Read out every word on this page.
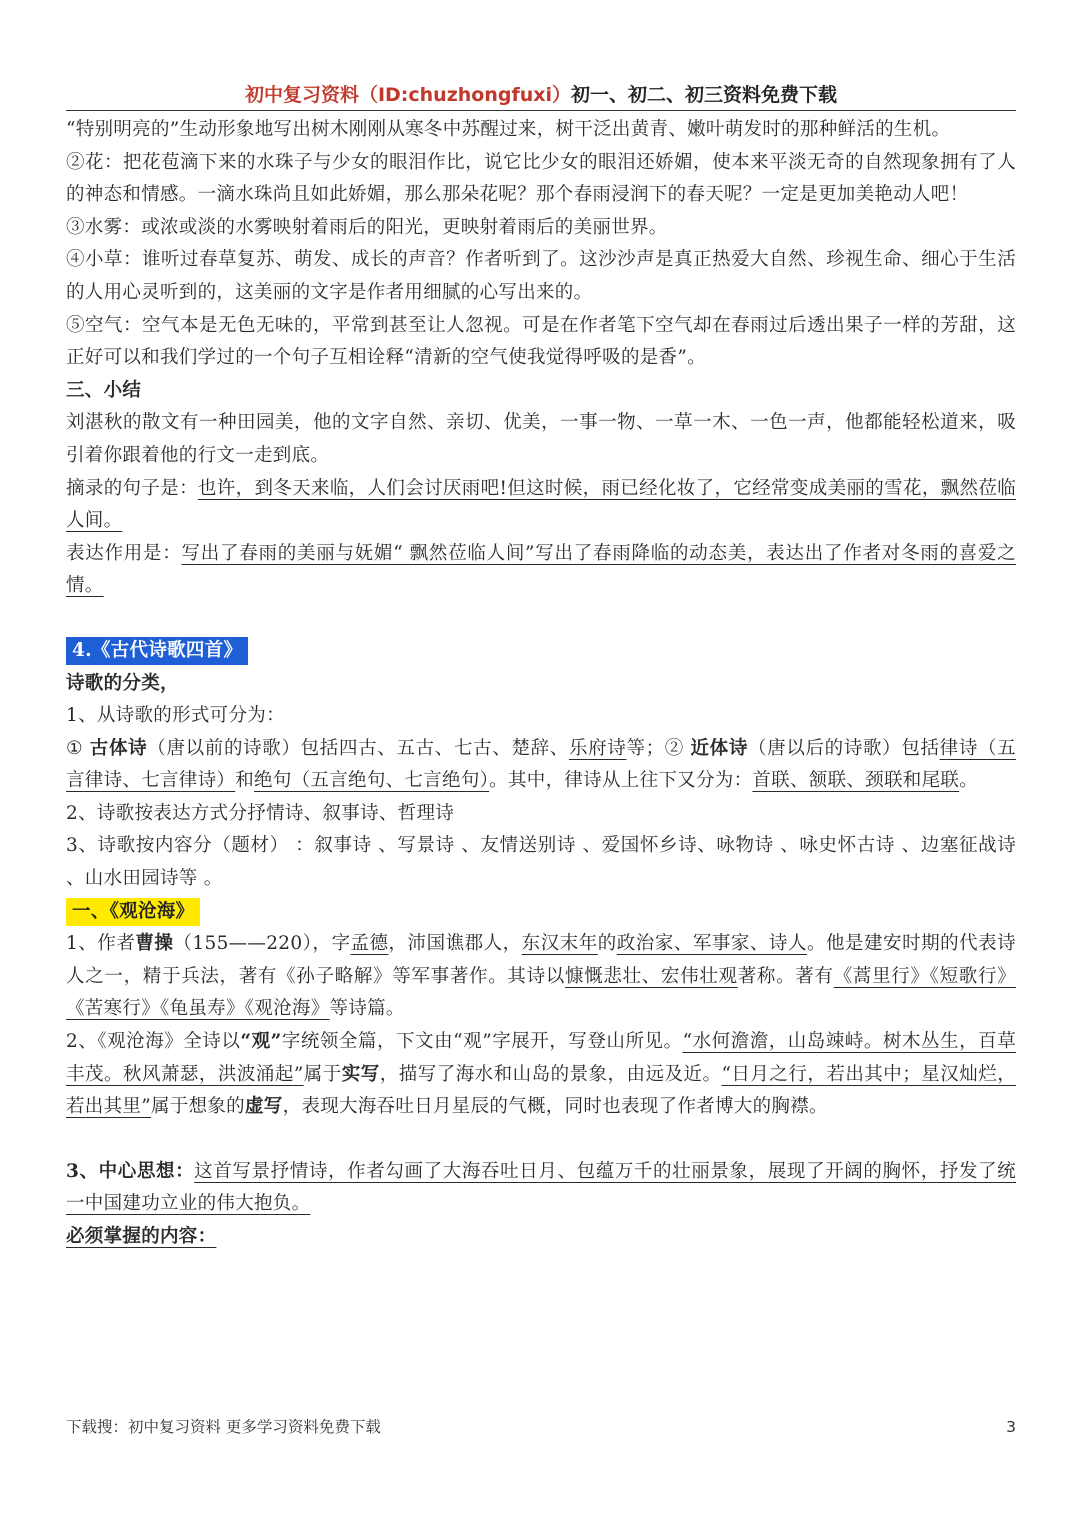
初中复习资料（ID:chuzhongfuxi）初一、初二、初三资料免费下载

“特别明亮的”生动形象地写出树木刚刚从寒冬中苏醒过来，树干泛出黄青、嫩叶萌发时的那种鲜活的生机。

②花：把花苞滴下来的水珠子与少女的眼泪作比，说它比少女的眼泪还娇媚，使本来平淡无奇的自然现象拥有了人的神态和情感。一滴水珠尚且如此娇媚，那么那朵花呢？那个春雨浸润下的春天呢？一定是更加美艳动人吧！

③水雾：或浓或淡的水雾映射着雨后的阳光，更映射着雨后的美丽世界。

④小草：谁听过春草复苏、萌发、成长的声音？作者听到了。这沙沙声是真正热爱大自然、珍视生命、细心于生活的人用心灵听到的，这美丽的文字是作者用细腻的心写出来的。

⑤空气：空气本是无色无味的，平常到甚至让人忽视。可是在作者笔下空气却在春雨过后透出果子一样的芳甜，这正好可以和我们学过的一个句子互相诠释“清新的空气使我觉得呼吸的是香”。

三、小结

刘湛秋的散文有一种田园美，他的文字自然、亲切、优美，一事一物、一草一木、一色一声，他都能轻松道来，吸引着你跟着他的行文一走到底。

摘录的句子是：也许，到冬天来临，人们会讨厌雨吧!但这时候，雨已经化妆了，它经常变成美丽的雪花，飘然莅临人间。

表达作用是：写出了春雨的美丽与妩媚“ 飘然莅临人间”写出了春雨降临的动态美，表达出了作者对冬雨的喜爱之情。

4.《古代诗歌四首》

诗歌的分类，

1、从诗歌的形式可分为：

① 古体诗（唐以前的诗歌）包括四古、五古、七古、楚辞、乐府诗等；② 近体诗（唐以后的诗歌）包括律诗（五言律诗、七言律诗）和绝句（五言绝句、七言绝句）。其中，律诗从上往下又分为：首联、颔联、颈联和尾联。

2、诗歌按表达方式分抒情诗、叙事诗、哲理诗

3、诗歌按内容分（题材） ：叙事诗 、写景诗 、友情送别诗 、爱国怀乡诗、咏物诗 、咏史怀古诗 、边塞征战诗 、山水田园诗等 。

一、《观沧海》

1、作者曹操（155——220），字孟德，沛国谯郡人，东汉末年的政治家、军事家、诗人。他是建安时期的代表诗人之一，精于兵法，著有《孙子略解》等军事著作。其诗以慷慨悲壮、宏伟壮观著称。著有《蒿里行》《短歌行》《苦寒行》《龟虽寿》《观沧海》等诗篇。

2、《观沧海》全诗以“观”字统领全篇，下文由“观”字展开，写登山所见。“水何澹澹，山岛竦峙。树木丛生，百草丰茂。秋风萧瑟，洪波涌起”属于实写，描写了海水和山岛的景象，由远及近。“日月之行，若出其中；星汉灿烂，若出其里”属于想象的虚写，表现大海吞吐日月星辰的气概，同时也表现了作者博大的胸襟。

3、中心思想：这首写景抒情诗，作者勾画了大海吞吐日月、包蕴万千的壮丽景象，展现了开阔的胸怀，抒发了统一中国建功立业的伟大抱负。

必须掌握的内容：

下载搜：初中复习资料 更多学习资料免费下载	3
